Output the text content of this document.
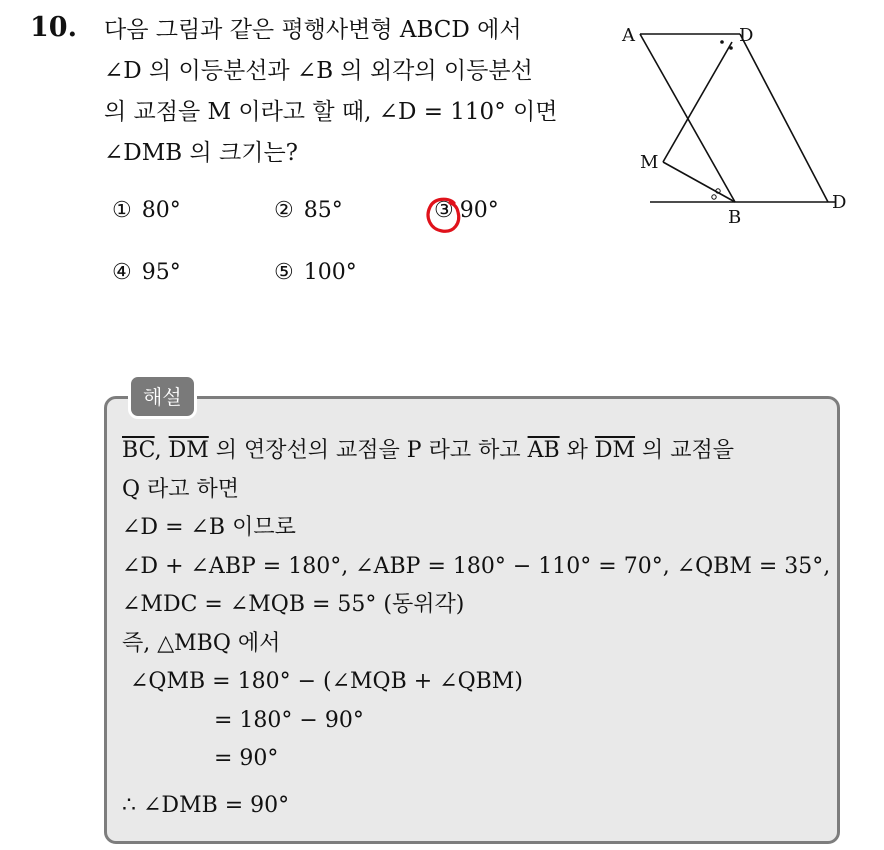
10. 다음 그림과 같은 평행사변형 ABCD 에서
∠D 의 이등분선과 ∠B 의 외각의 이등분선
의 교점을 M 이라고 할 때, ∠D = 110° 이면
∠DMB 의 크기는?
① 80°	② 85°	③ 90°
④ 95°	⑤ 100°
A	D
M
B
D
해설
$\overline{BC}$, $\overline{DM}$ 의 연장선의 교점을 P 라고 하고 $\overline{AB}$ 와 $\overline{DM}$ 의 교점을
Q 라고 하면
∠D = ∠B 이므로
∠D + ∠ABP = 180°, ∠ABP = 180° − 110° = 70°, ∠QBM = 35°,
∠MDC = ∠MQB = 55° (동위각)
즉, △MBQ 에서
∠QMB = 180° − (∠MQB + ∠QBM)
= 180° − 90°
= 90°
∴ ∠DMB = 90°
